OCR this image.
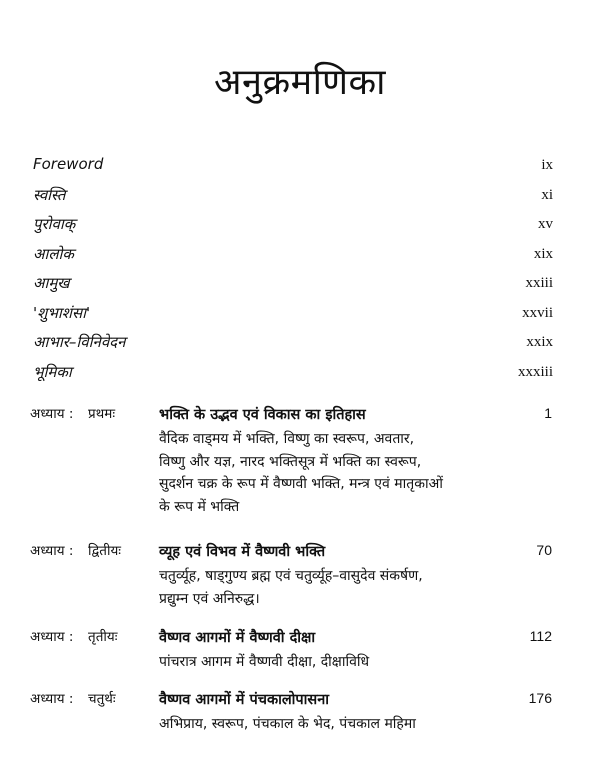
अनुक्रमणिका
Foreword	ix
स्वस्ति	xi
पुरोवाक्	xv
आलोक	xix
आमुख	xxiii
'शुभाशंसा'	xxvii
आभार–विनिवेदन	xxix
भूमिका	xxxiii
अध्याय : प्रथमः	भक्ति के उद्भव एवं विकास का इतिहास	1
वैदिक वाड्मय में भक्ति, विष्णु का स्वरूप, अवतार,
विष्णु और यज्ञ, नारद भक्तिसूत्र में भक्ति का स्वरूप,
सुदर्शन चक्र के रूप में वैष्णवी भक्ति, मन्त्र एवं मातृकाओं
के रूप में भक्ति
अध्याय : द्वितीयः	व्यूह एवं विभव में वैष्णवी भक्ति	70
चतुर्व्यूह, षाड्गुण्य ब्रह्म एवं चतुर्व्यूह–वासुदेव संकर्षण,
प्रद्युम्न एवं अनिरुद्ध।
अध्याय : तृतीयः	वैष्णव आगमों में वैष्णवी दीक्षा	112
पांचरात्र आगम में वैष्णवी दीक्षा, दीक्षाविधि
अध्याय : चतुर्थः	वैष्णव आगमों में पंचकालोपासना	176
अभिप्राय, स्वरूप, पंचकाल के भेद, पंचकाल महिमा
